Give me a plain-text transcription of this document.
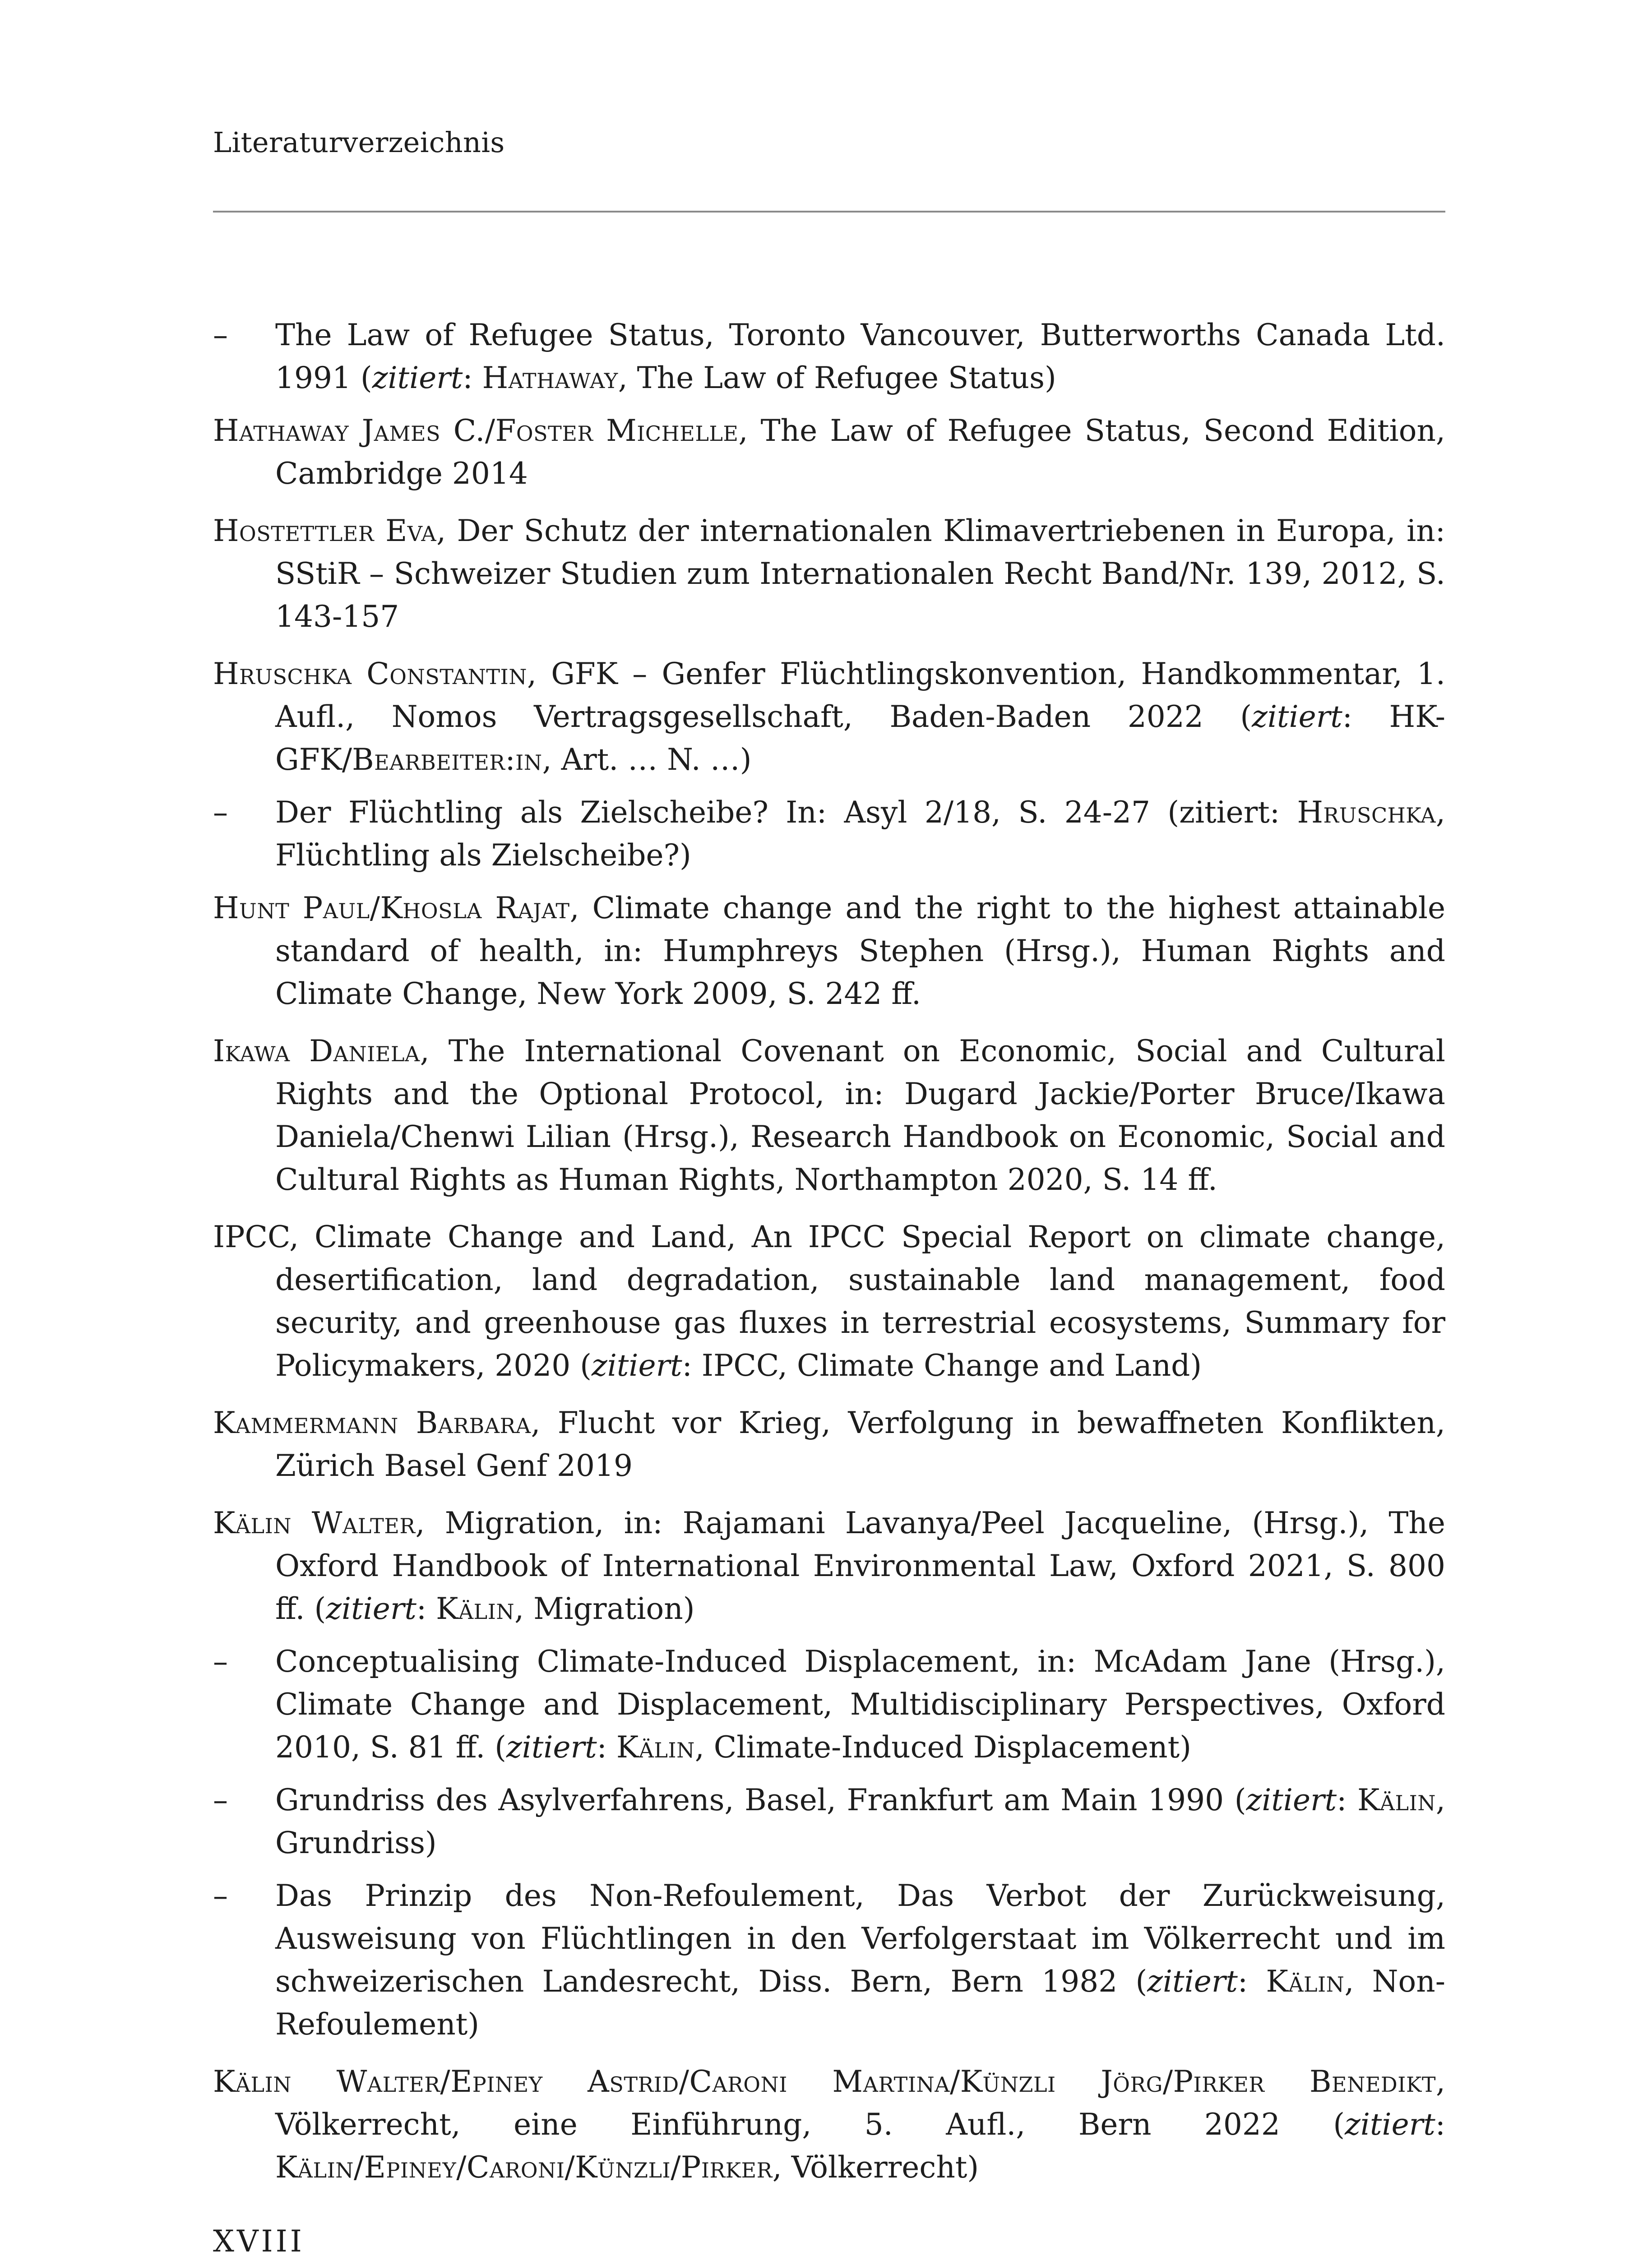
Literaturverzeichnis
– The Law of Refugee Status, Toronto Vancouver, Butterworths Canada Ltd. 1991 (zitiert: Hathaway, The Law of Refugee Status)
Hathaway James C./Foster Michelle, The Law of Refugee Status, Second Edition, Cambridge 2014
Hostettler Eva, Der Schutz der internationalen Klimavertriebenen in Europa, in: SStiR – Schweizer Studien zum Internationalen Recht Band/Nr. 139, 2012, S. 143-157
Hruschka Constantin, GFK – Genfer Flüchtlingskonvention, Handkommentar, 1. Aufl., Nomos Vertragsgesellschaft, Baden-Baden 2022 (zitiert: HK-GFK/Bearbeiter:in, Art. … N. …)
– Der Flüchtling als Zielscheibe? In: Asyl 2/18, S. 24-27 (zitiert: Hruschka, Flüchtling als Zielscheibe?)
Hunt Paul/Khosla Rajat, Climate change and the right to the highest attainable standard of health, in: Humphreys Stephen (Hrsg.), Human Rights and Climate Change, New York 2009, S. 242 ff.
Ikawa Daniela, The International Covenant on Economic, Social and Cultural Rights and the Optional Protocol, in: Dugard Jackie/Porter Bruce/Ikawa Daniela/Chenwi Lilian (Hrsg.), Research Handbook on Economic, Social and Cultural Rights as Human Rights, Northampton 2020, S. 14 ff.
IPCC, Climate Change and Land, An IPCC Special Report on climate change, desertification, land degradation, sustainable land management, food security, and greenhouse gas fluxes in terrestrial ecosystems, Summary for Policymakers, 2020 (zitiert: IPCC, Climate Change and Land)
Kammermann Barbara, Flucht vor Krieg, Verfolgung in bewaffneten Konflikten, Zürich Basel Genf 2019
Kälin Walter, Migration, in: Rajamani Lavanya/Peel Jacqueline, (Hrsg.), The Oxford Handbook of International Environmental Law, Oxford 2021, S. 800 ff. (zitiert: Kälin, Migration)
– Conceptualising Climate-Induced Displacement, in: McAdam Jane (Hrsg.), Climate Change and Displacement, Multidisciplinary Perspectives, Oxford 2010, S. 81 ff. (zitiert: Kälin, Climate-Induced Displacement)
– Grundriss des Asylverfahrens, Basel, Frankfurt am Main 1990 (zitiert: Kälin, Grundriss)
– Das Prinzip des Non-Refoulement, Das Verbot der Zurückweisung, Ausweisung von Flüchtlingen in den Verfolgerstaat im Völkerrecht und im schweizerischen Landesrecht, Diss. Bern, Bern 1982 (zitiert: Kälin, Non-Refoulement)
Kälin Walter/Epiney Astrid/Caroni Martina/Künzli Jörg/Pirker Benedikt, Völkerrecht, eine Einführung, 5. Aufl., Bern 2022 (zitiert: Kälin/Epiney/Caroni/Künzli/Pirker, Völkerrecht)
XVIII
